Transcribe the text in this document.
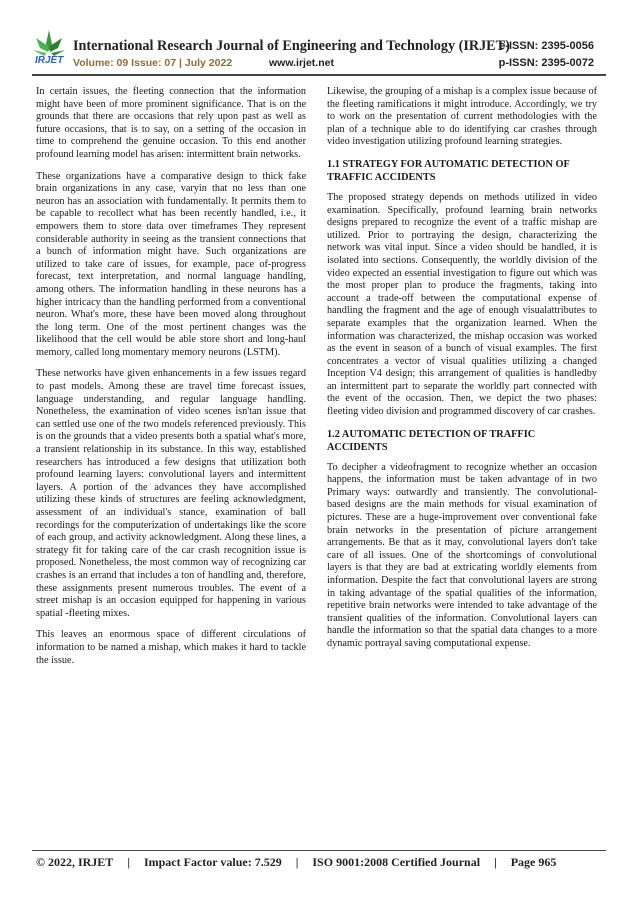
IRJET
International Research Journal of Engineering and Technology (IRJET)
e-ISSN: 2395-0056
Volume: 09 Issue: 07 | July 2022	www.irjet.net	p-ISSN: 2395-0072

In certain issues, the fleeting connection that the information might have been of more prominent significance. That is on the grounds that there are occasions that rely upon past as well as future occasions, that is to say, on a setting of the occasion in time to comprehend the genuine occasion. To this end another profound learning model has arisen: intermittent brain networks.

These organizations have a comparative design to thick fake brain organizations in any case, varyin that no less than one neuron has an association with fundamentally. It permits them to be capable to recollect what has been recently handled, i.e., it empowers them to store data over timeframes They represent considerable authority in seeing as the transient connections that a bunch of information might have. Such organizations are utilized to take care of issues, for example, pace of-progress forecast, text interpretation, and normal language handling, among others. The information handling in these neurons has a higher intricacy than the handling performed from a conventional neuron. What's more, these have been moved along throughout the long term. One of the most pertinent changes was the likelihood that the cell would be able store short and long-haul memory, called long momentary memory neurons (LSTM).

These networks have given enhancements in a few issues regard to past models. Among these are travel time forecast issues, language understanding, and regular language handling. Nonetheless, the examination of video scenes isn'tan issue that can settled use one of the two models referenced previously. This is on the grounds that a video presents both a spatial what's more, a transient relationship in its substance. In this way, established researchers has introduced a few designs that utilization both profound learning layers: convolutional layers and intermittent layers. A portion of the advances they have accomplished utilizing these kinds of structures are feeling acknowledgment, assessment of an individual's stance, examination of ball recordings for the computerization of undertakings like the score of each group, and activity acknowledgment. Along these lines, a strategy fit for taking care of the car crash recognition issue is proposed. Nonetheless, the most common way of recognizing car crashes is an errand that includes a ton of handling and, therefore, these assignments present numerous troubles. The event of a street mishap is an occasion equipped for happening in various spatial -fleeting mixes.

This leaves an enormous space of different circulations of information to be named a mishap, which makes it hard to tackle the issue.

Likewise, the grouping of a mishap is a complex issue because of the fleeting ramifications it might introduce. Accordingly, we try to work on the presentation of current methodologies with the plan of a technique able to do identifying car crashes through video investigation utilizing profound learning strategies.

1.1 STRATEGY FOR AUTOMATIC DETECTION OF TRAFFIC ACCIDENTS

The proposed strategy depends on methods utilized in video examination. Specifically, profound learning brain networks designs prepared to recognize the event of a traffic mishap are utilized. Prior to portraying the design, characterizing the network was vital input. Since a video should be handled, it is isolated into sections. Consequently, the worldly division of the video expected an essential investigation to figure out which was the most proper plan to produce the fragments, taking into account a trade-off between the computational expense of handling the fragment and the age of enough visualattributes to separate examples that the organization learned. When the information was characterized, the mishap occasion was worked as the event in season of a bunch of visual examples. The first concentrates a vector of visual qualities utilizing a changed Inception V4 design; this arrangement of qualities is handledby an intermittent part to separate the worldly part connected with the event of the occasion. Then, we depict the two phases: fleeting video division and programmed discovery of car crashes.

1.2 AUTOMATIC DETECTION OF TRAFFIC ACCIDENTS

To decipher a videofragment to recognize whether an occasion happens, the information must be taken advantage of in two Primary ways: outwardly and transiently. The convolutional-based designs are the main methods for visual examination of pictures. These are a huge-improvement over conventional fake brain networks in the presentation of picture arrangement arrangements. Be that as it may, convolutional layers don't take care of all issues. One of the shortcomings of convolutional layers is that they are bad at extricating worldly elements from information. Despite the fact that convolutional layers are strong in taking advantage of the spatial qualities of the information, repetitive brain networks were intended to take advantage of the transient qualities of the information. Convolutional layers can handle the information so that the spatial data changes to a more dynamic portrayal saving computational expense.

© 2022, IRJET | Impact Factor value: 7.529 | ISO 9001:2008 Certified Journal | Page 965
